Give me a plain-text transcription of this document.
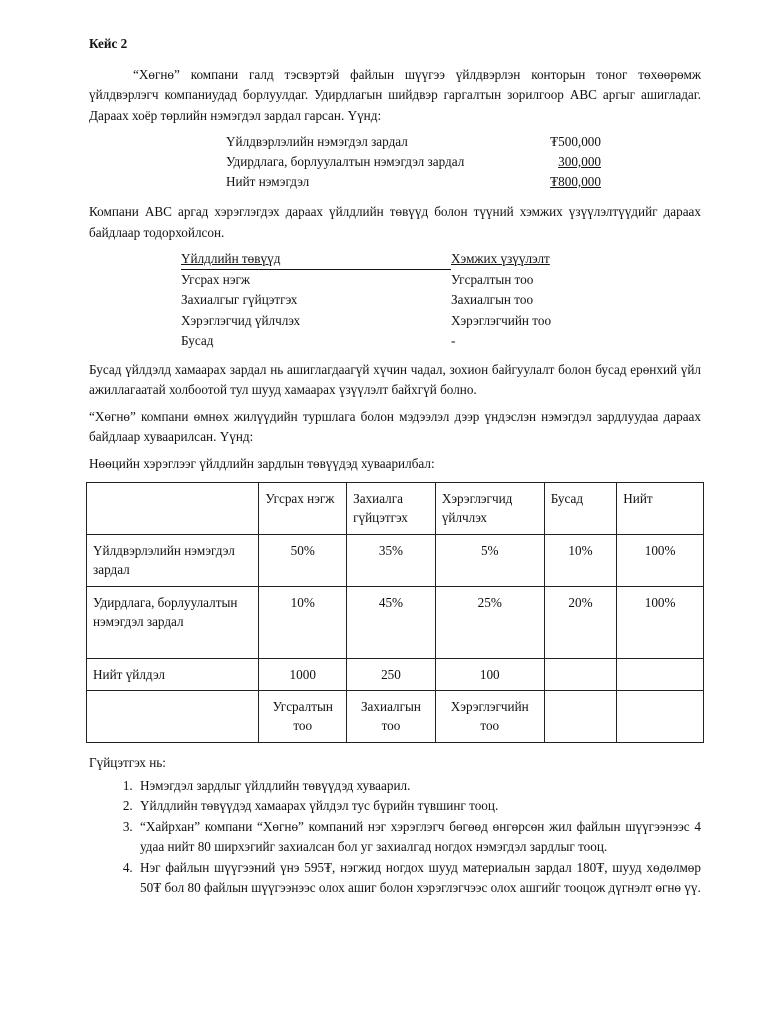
Кейс 2

“Хөгнө” компани галд тэсвэртэй файлын шүүгээ үйлдвэрлэн конторын тоног төхөөрөмж үйлдвэрлэгч компаниудад борлуулдаг. Удирдлагын шийдвэр гаргалтын зорилгоор ABC аргыг ашигладаг. Дараах хоёр төрлийн нэмэгдэл зардал гарсан. Үүнд:

Үйлдвэрлэлийн нэмэгдэл зардал	₮500,000
Удирдлага, борлуулалтын нэмэгдэл зардал	300,000
Нийт нэмэгдэл	₮800,000

Компани ABC аргад хэрэглэгдэх дараах үйлдлийн төвүүд болон түүний хэмжих үзүүлэлтүүдийг дараах байдлаар тодорхойлсон.

Үйлдлийн төвүүд	Хэмжих үзүүлэлт
Угсрах нэгж	Угсралтын тоо
Захиалгыг гүйцэтгэх	Захиалгын тоо
Хэрэглэгчид үйлчлэх	Хэрэглэгчийн тоо
Бусад	-

Бусад үйлдэлд хамаарах зардал нь ашиглагдаагүй хүчин чадал, зохион байгуулалт болон бусад ерөнхий үйл ажиллагаатай холбоотой тул шууд хамаарах үзүүлэлт байхгүй болно.

“Хөгнө” компани өмнөх жилүүдийн туршлага болон мэдээлэл дээр үндэслэн нэмэгдэл зардлуудаа дараах байдлаар хуваарилсан. Үүнд:

Нөөцийн хэрэглээг үйлдлийн зардлын төвүүдэд хуваарилбал:

	Угсрах нэгж	Захиалга гүйцэтгэх	Хэрэглэгчид үйлчлэх	Бусад	Нийт
Үйлдвэрлэлийн нэмэгдэл зардал	50%	35%	5%	10%	100%
Удирдлага, борлуулалтын нэмэгдэл зардал	10%	45%	25%	20%	100%
Нийт үйлдэл	1000	250	100		
	Угсралтын тоо	Захиалгын тоо	Хэрэглэгчийн тоо		
Гүйцэтгэх нь:
1. Нэмэгдэл зардлыг үйлдлийн төвүүдэд хуваарил.
2. Үйлдлийн төвүүдэд хамаарах үйлдэл тус бүрийн түвшинг тооц.
3. “Хайрхан” компани “Хөгнө” компаний нэг хэрэглэгч бөгөөд өнгөрсөн жил файлын шүүгээнээс 4 удаа нийт 80 ширхэгийг захиалсан бол уг захиалгад ногдох нэмэгдэл зардлыг тооц.
4. Нэг файлын шүүгээний үнэ 595₮, нэгжид ногдох шууд материалын зардал 180₮, шууд хөдөлмөр 50₮ бол 80 файлын шүүгээнээс олох ашиг болон хэрэглэгчээс олох ашгийг тооцож дүгнэлт өгнө үү.
